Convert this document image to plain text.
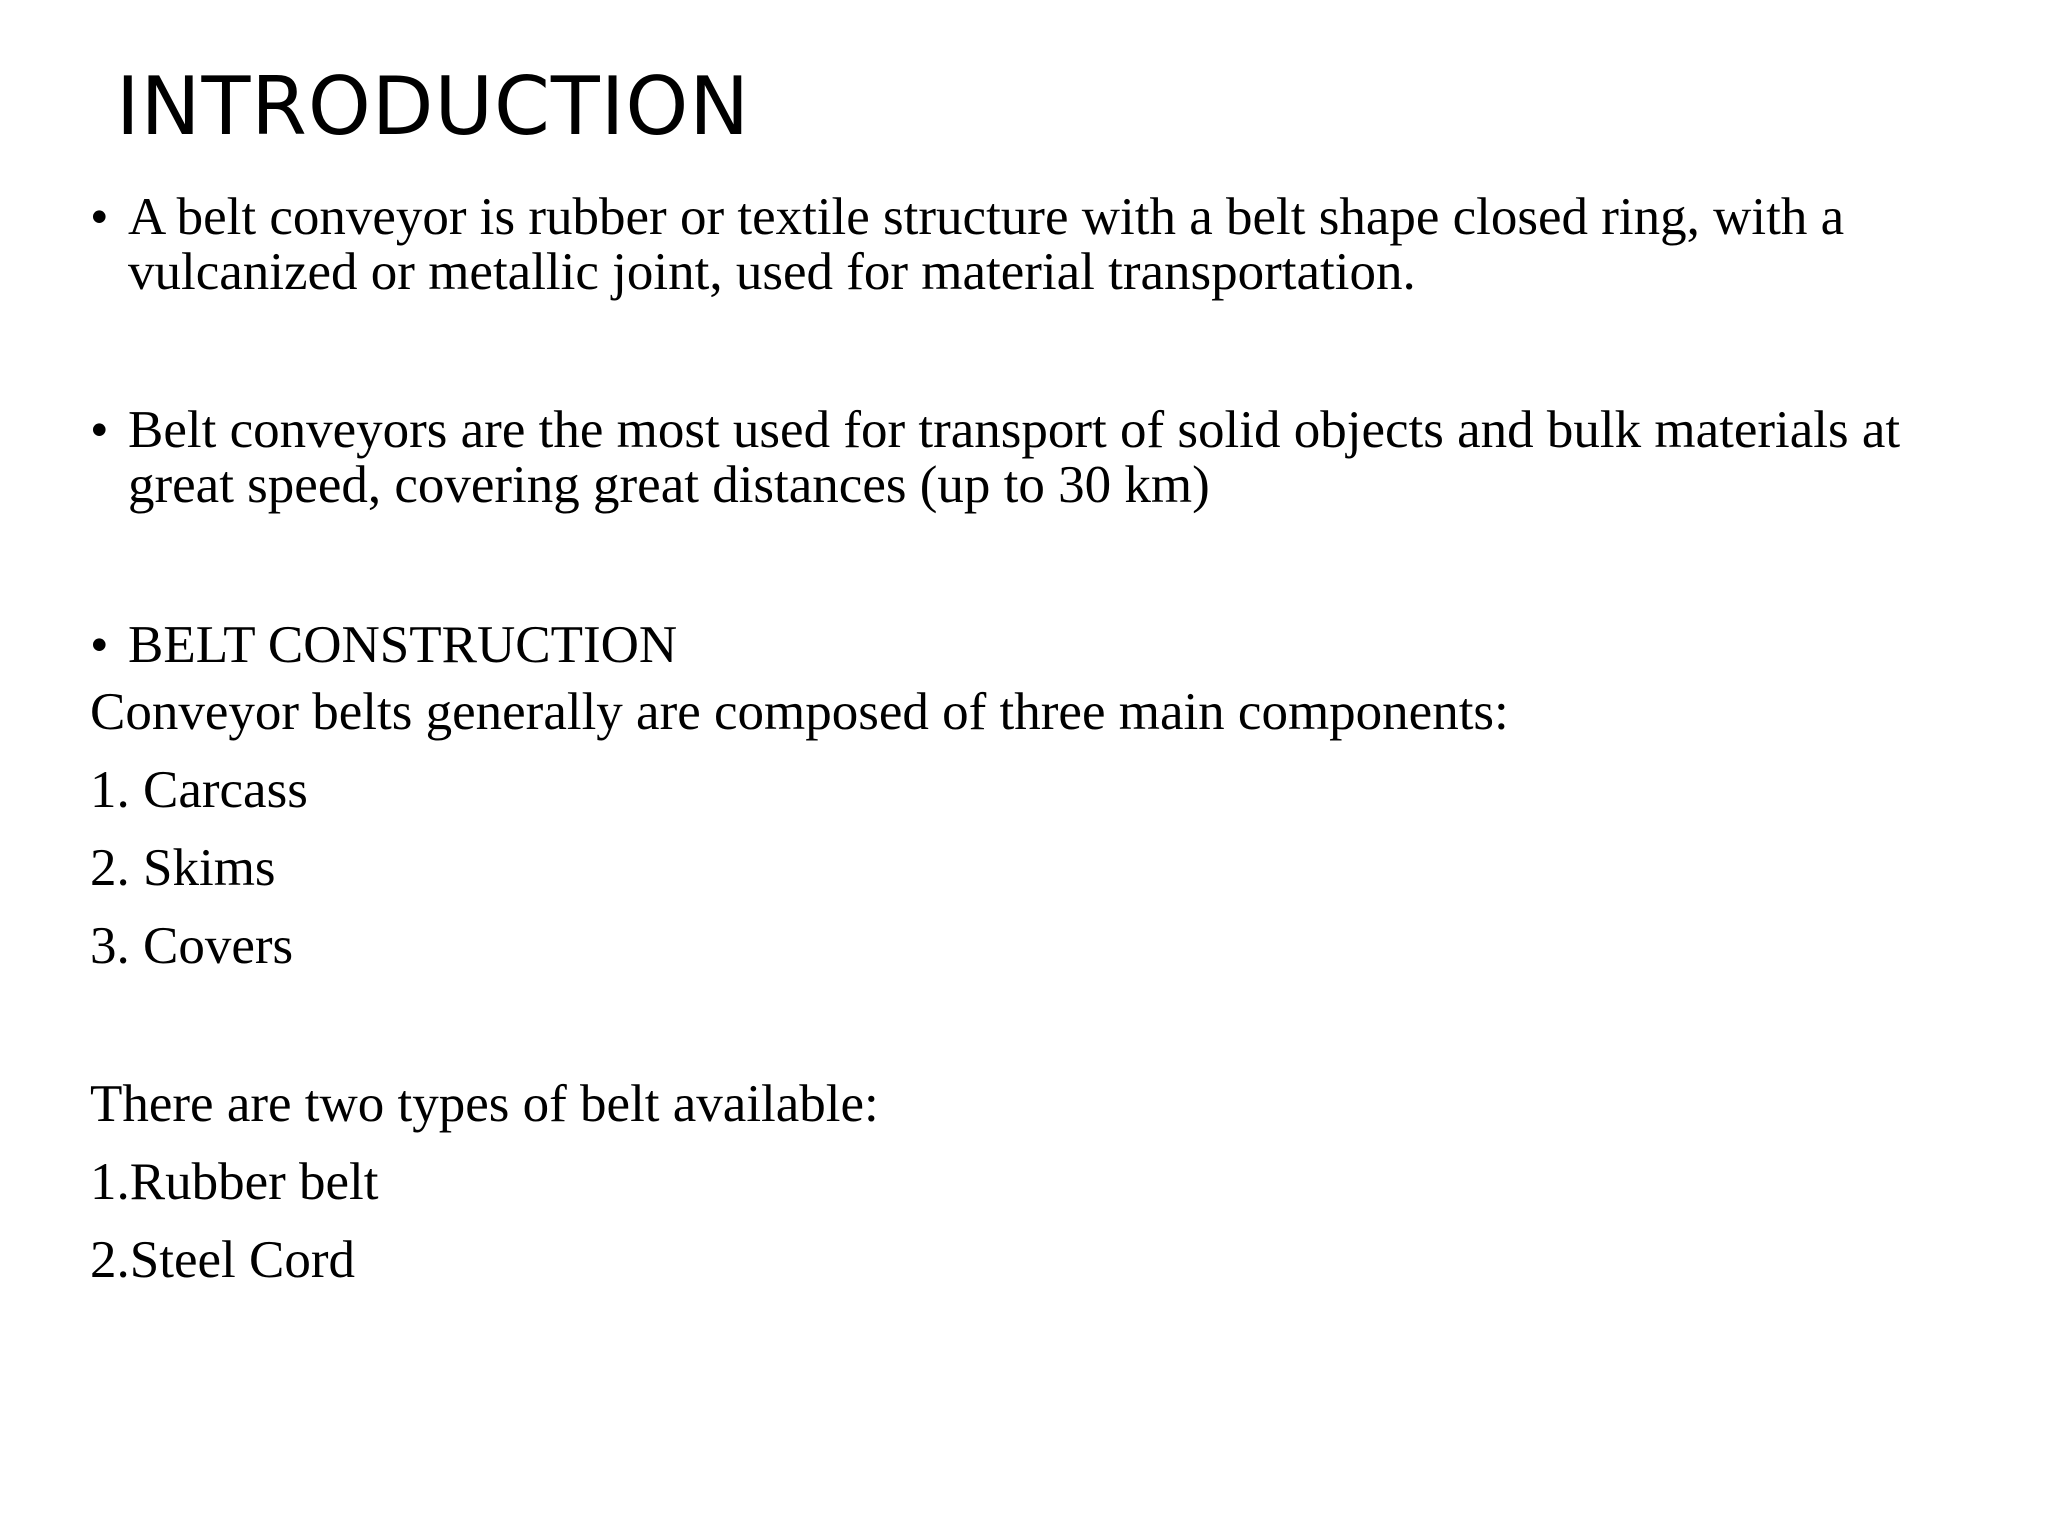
INTRODUCTION

• A belt conveyor is rubber or textile structure with a belt shape closed ring, with a vulcanized or metallic joint, used for material transportation.

• Belt conveyors are the most used for transport of solid objects and bulk materials at great speed, covering great distances (up to 30 km)

• BELT CONSTRUCTION

Conveyor belts generally are composed of three main components:

1. Carcass

2. Skims

3. Covers

There are two types of belt available:

1.Rubber belt

2.Steel Cord
